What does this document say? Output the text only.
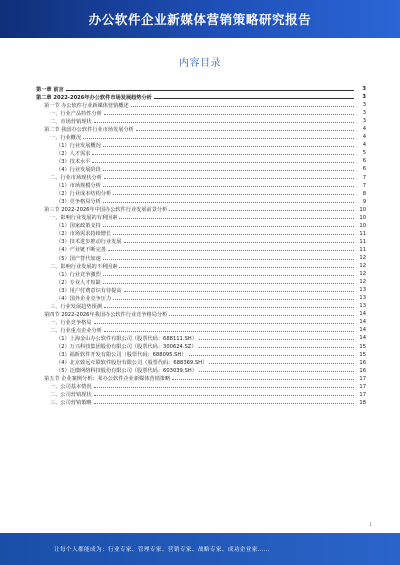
办公软件企业新媒体营销策略研究报告
内容目录
第一章 前言	3
第二章 2022-2026年办公软件市场发展趋势分析	3
第一节 办公软件行业新媒体营销概述	3
一、行业产品特性分析	3
二、市场营销现状	3
第二节 我国办公软件行业市场发展分析	4
一、行业概况	4
（1）行业发展概况	4
（2）人才需求	5
（3）技术水平	6
（4）行业发展阶段	6
二、行业市场现状分析	7
（1）市场规模分析	7
（2）行业成本结构分析	8
（3）竞争格局分析	9
第三节 2022-2026年中国办公软件行业发展前景分析	10
一、影响行业发展的有利因素	10
（1）国家政策支持	10
（2）市场需求持续增长	11
（3）技术进步推动行业发展	11
（4）产业链不断完善	11
（5）国产替代加速	12
二、影响行业发展的不利因素	12
（1）行业竞争激烈	12
（2）专业人才短缺	12
（3）用户付费意识有待提高	13
（4）国外企业竞争压力	13
三、行业发展趋势预测	13
第四节 2022-2026年我国办公软件行业竞争格局分析	14
一、行业竞争格局	14
二、行业重点企业分析	14
（1）上海金山办公软件有限公司（股票代码：688111.SH）	14
（2）万兴科技集团股份有限公司（股票代码：300624.SZ）	15
（3）福昕软件开发有限公司（股票代码：688095.SH）	15
（4）北京致远互联软件股份有限公司（股票代码：688369.SH）	16
（5）泛微网络科技股份有限公司（股票代码：603039.SH）	16
第五节 企业案例分析：某办公软件企业新媒体营销策略	17
一、公司基本情况	17
二、公司营销现状	17
三、公司营销策略	18
1
让每个人都能成为：行业专家、管理专家、营销专家、战略专家、成功企业家……
